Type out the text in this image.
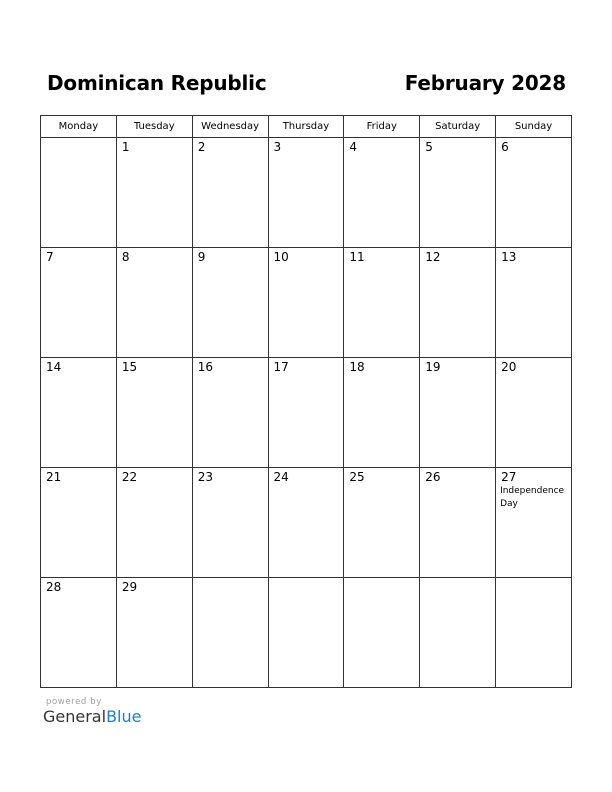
Dominican Republic	February 2028
Monday	Tuesday	Wednesday	Thursday	Friday	Saturday	Sunday

	1	2	3	4	5	6

7	8	9	10	11	12	13

14	15	16	17	18	19	20

21	22	23	24	25	26	27
Independence Day

28	29					

powered by
GeneralBlue
